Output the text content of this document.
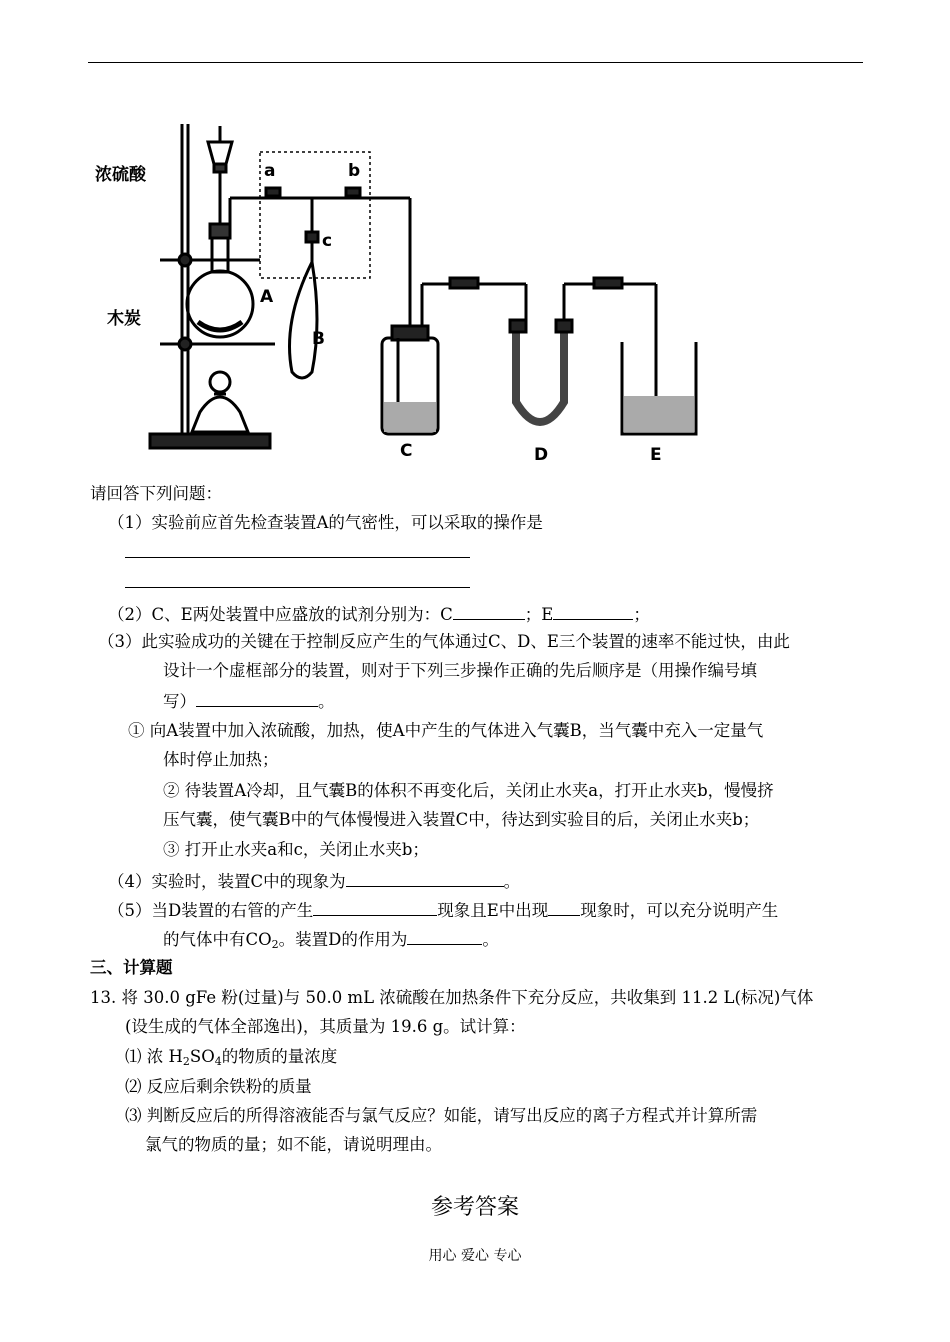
浓硫酸
木炭
a	b
c
A
B
C	D	E
请回答下列问题：
（1）实验前应首先检查装置A的气密性，可以采取的操作是
（2）C、E两处装置中应盛放的试剂分别为：C	；E	；
（3）此实验成功的关键在于控制反应产生的气体通过C、D、E三个装置的速率不能过快，由此
设计一个虚框部分的装置，则对于下列三步操作正确的先后顺序是（用操作编号填
写）	。
① 向A装置中加入浓硫酸，加热，使A中产生的气体进入气囊B，当气囊中充入一定量气
体时停止加热；
② 待装置A冷却，且气囊B的体积不再变化后，关闭止水夹a，打开止水夹b，慢慢挤
压气囊，使气囊B中的气体慢慢进入装置C中，待达到实验目的后，关闭止水夹b；
③ 打开止水夹a和c，关闭止水夹b；
（4）实验时，装置C中的现象为	。
（5）当D装置的右管的产生	现象且E中出现 现象时，可以充分说明产生
的气体中有$CO_2$。装置D的作用为	。
三、计算题
13. 将 30.0 gFe 粉(过量)与 50.0 mL 浓硫酸在加热条件下充分反应，共收集到 11.2 L(标况)气体
(设生成的气体全部逸出)，其质量为 19.6 g。试计算：
⑴ 浓 $H_2SO_4$的物质的量浓度
⑵ 反应后剩余铁粉的质量
⑶ 判断反应后的所得溶液能否与氯气反应？如能，请写出反应的离子方程式并计算所需
氯气的物质的量；如不能，请说明理由。
参考答案
用心 爱心 专心
